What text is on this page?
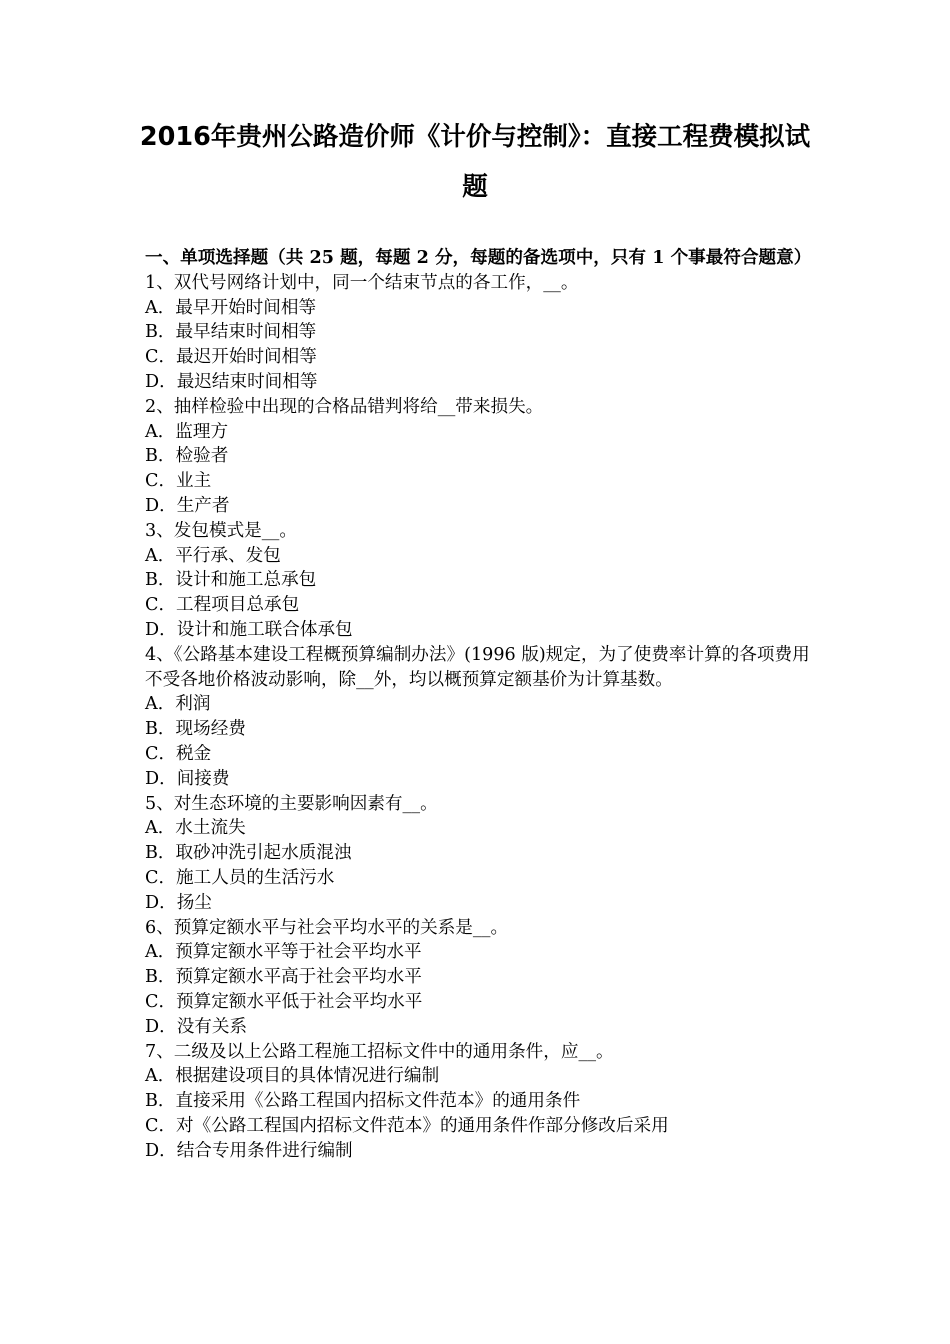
2016年贵州公路造价师《计价与控制》：直接工程费模拟试
题
一、单项选择题（共 25 题，每题 2 分，每题的备选项中，只有 1 个事最符合题意）
1、双代号网络计划中，同一个结束节点的各工作，__。
A．最早开始时间相等
B．最早结束时间相等
C．最迟开始时间相等
D．最迟结束时间相等
2、抽样检验中出现的合格品错判将给__带来损失。
A．监理方
B．检验者
C．业主
D．生产者
3、发包模式是__。
A．平行承、发包
B．设计和施工总承包
C．工程项目总承包
D．设计和施工联合体承包
4、《公路基本建设工程概预算编制办法》(1996 版)规定，为了使费率计算的各项费用不受各地价格波动影响，除__外，均以概预算定额基价为计算基数。
A．利润
B．现场经费
C．税金
D．间接费
5、对生态环境的主要影响因素有__。
A．水土流失
B．取砂冲洗引起水质混浊
C．施工人员的生活污水
D．扬尘
6、预算定额水平与社会平均水平的关系是__。
A．预算定额水平等于社会平均水平
B．预算定额水平高于社会平均水平
C．预算定额水平低于社会平均水平
D．没有关系
7、二级及以上公路工程施工招标文件中的通用条件，应__。
A．根据建设项目的具体情况进行编制
B．直接采用《公路工程国内招标文件范本》的通用条件
C．对《公路工程国内招标文件范本》的通用条件作部分修改后采用
D．结合专用条件进行编制
